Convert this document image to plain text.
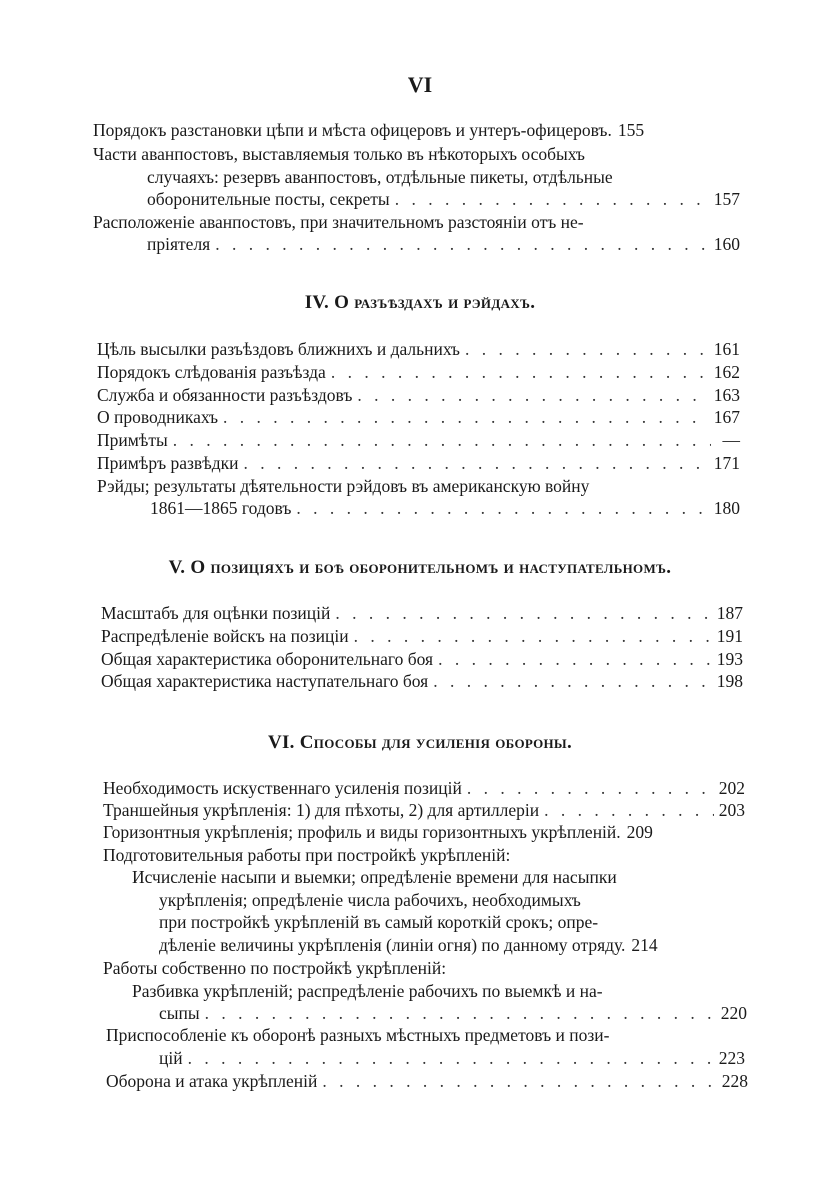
VI
Порядокъ разстановки цѣпи и мѣста офицеровъ и унтеръ-офицеровъ. 155
Части аванпостовъ, выставляемыя только въ нѣкоторыхъ особыхъ
случаяхъ: резервъ аванпостовъ, отдѣльные пикеты, отдѣльные
оборонительные посты, секреты . . .	157
Расположеніе аванпостовъ, при значительномъ разстояніи отъ не-
пріятеля . . .	160
IV. О разъѣздахъ и рэйдахъ.
Цѣль высылки разъѣздовъ ближнихъ и дальнихъ . . .	161
Порядокъ слѣдованія разъѣзда . . .	162
Служба и обязанности разъѣздовъ . . .	163
О проводникахъ . . .	167
Примѣты . . .	—
Примѣръ развѣдки . . .	171
Рэйды; результаты дѣятельности рэйдовъ въ американскую войну
1861—1865 годовъ . . .	180
V. О позиціяхъ и боѣ оборонительномъ и наступательномъ.
Масштабъ для оцѣнки позицій . . .	187
Распредѣленіе войскъ на позиціи . . .	191
Общая характеристика оборонительнаго боя . . .	193
Общая характеристика наступательнаго боя . . .	198
VI. Способы для усиленія обороны.
Необходимость искуственнаго усиленія позицій . . .	202
Траншейныя укрѣпленія: 1) для пѣхоты, 2) для артиллеріи . . .	203
Горизонтныя укрѣпленія; профиль и виды горизонтныхъ укрѣпленій. 209
Подготовительныя работы при постройкѣ укрѣпленій:
Исчисленіе насыпи и выемки; опредѣленіе времени для насыпки
укрѣпленія; опредѣленіе числа рабочихъ, необходимыхъ
при постройкѣ укрѣпленій въ самый короткій срокъ; опре-
дѣленіе величины укрѣпленія (линіи огня) по данному отряду. 214
Работы собственно по постройкѣ укрѣпленій:
Разбивка укрѣпленій; распредѣленіе рабочихъ по выемкѣ и на-
сыпы . . .	220
Приспособленіе къ оборонѣ разныхъ мѣстныхъ предметовъ и пози-
цій . . .	223
Оборона и атака укрѣпленій . . .	228
